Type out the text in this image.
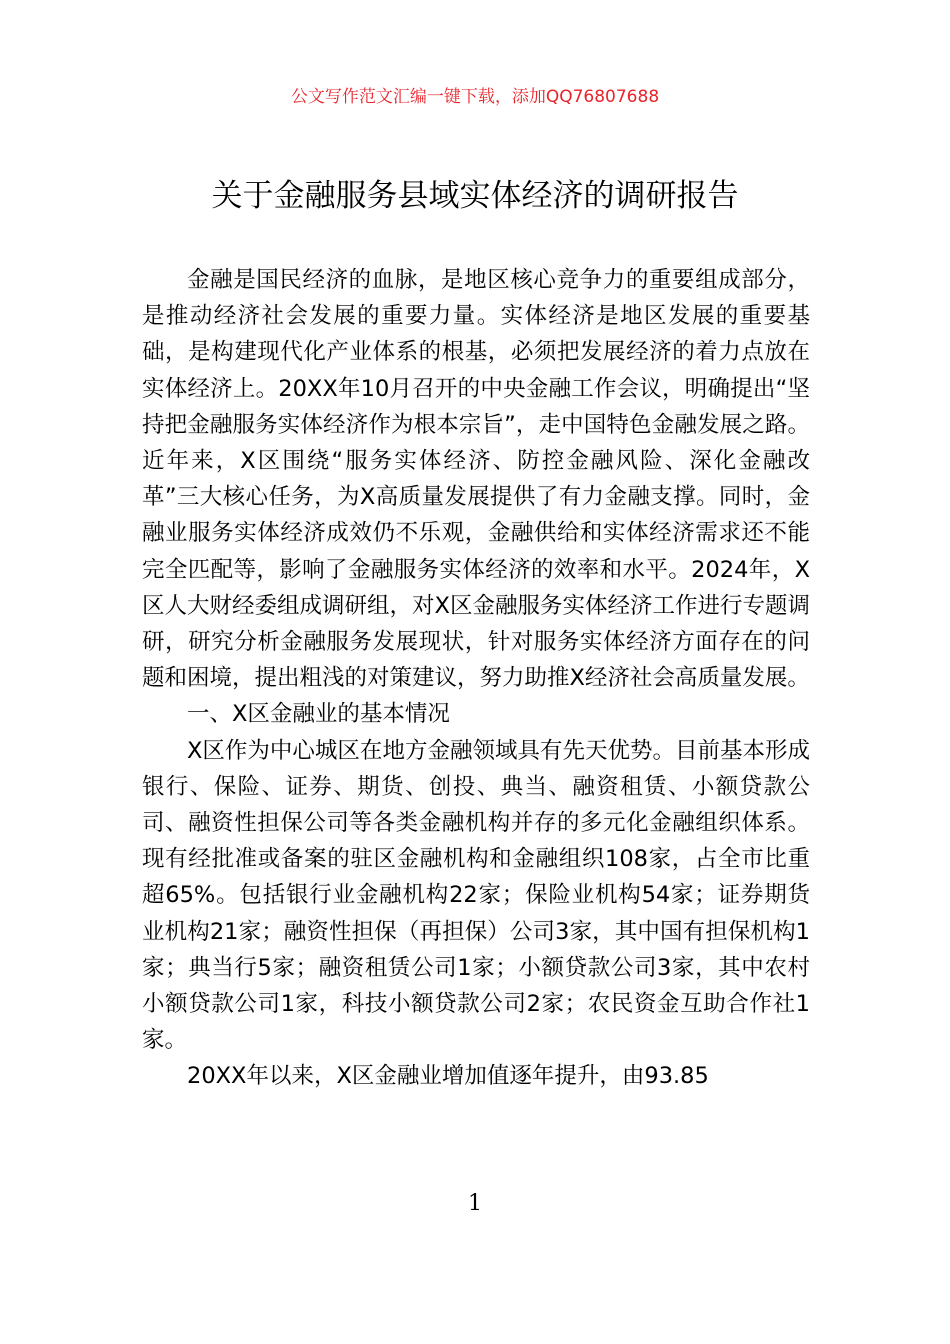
公文写作范文汇编一键下载，添加QQ76807688
关于金融服务县域实体经济的调研报告

金融是国民经济的血脉，是地区核心竞争力的重要组成部分，是推动经济社会发展的重要力量。实体经济是地区发展的重要基础，是构建现代化产业体系的根基，必须把发展经济的着力点放在实体经济上。20XX年10月召开的中央金融工作会议，明确提出“坚持把金融服务实体经济作为根本宗旨”，走中国特色金融发展之路。近年来，X区围绕“服务实体经济、防控金融风险、深化金融改革”三大核心任务，为X高质量发展提供了有力金融支撑。同时，金融业服务实体经济成效仍不乐观，金融供给和实体经济需求还不能完全匹配等，影响了金融服务实体经济的效率和水平。2024年，X区人大财经委组成调研组，对X区金融服务实体经济工作进行专题调研，研究分析金融服务发展现状，针对服务实体经济方面存在的问题和困境，提出粗浅的对策建议，努力助推X经济社会高质量发展。

一、X区金融业的基本情况

X区作为中心城区在地方金融领域具有先天优势。目前基本形成银行、保险、证券、期货、创投、典当、融资租赁、小额贷款公司、融资性担保公司等各类金融机构并存的多元化金融组织体系。现有经批准或备案的驻区金融机构和金融组织108家，占全市比重超65%。包括银行业金融机构22家；保险业机构54家；证券期货业机构21家；融资性担保（再担保）公司3家，其中国有担保机构1家；典当行5家；融资租赁公司1家；小额贷款公司3家，其中农村小额贷款公司1家，科技小额贷款公司2家；农民资金互助合作社1家。

20XX年以来，X区金融业增加值逐年提升，由93.85

1
